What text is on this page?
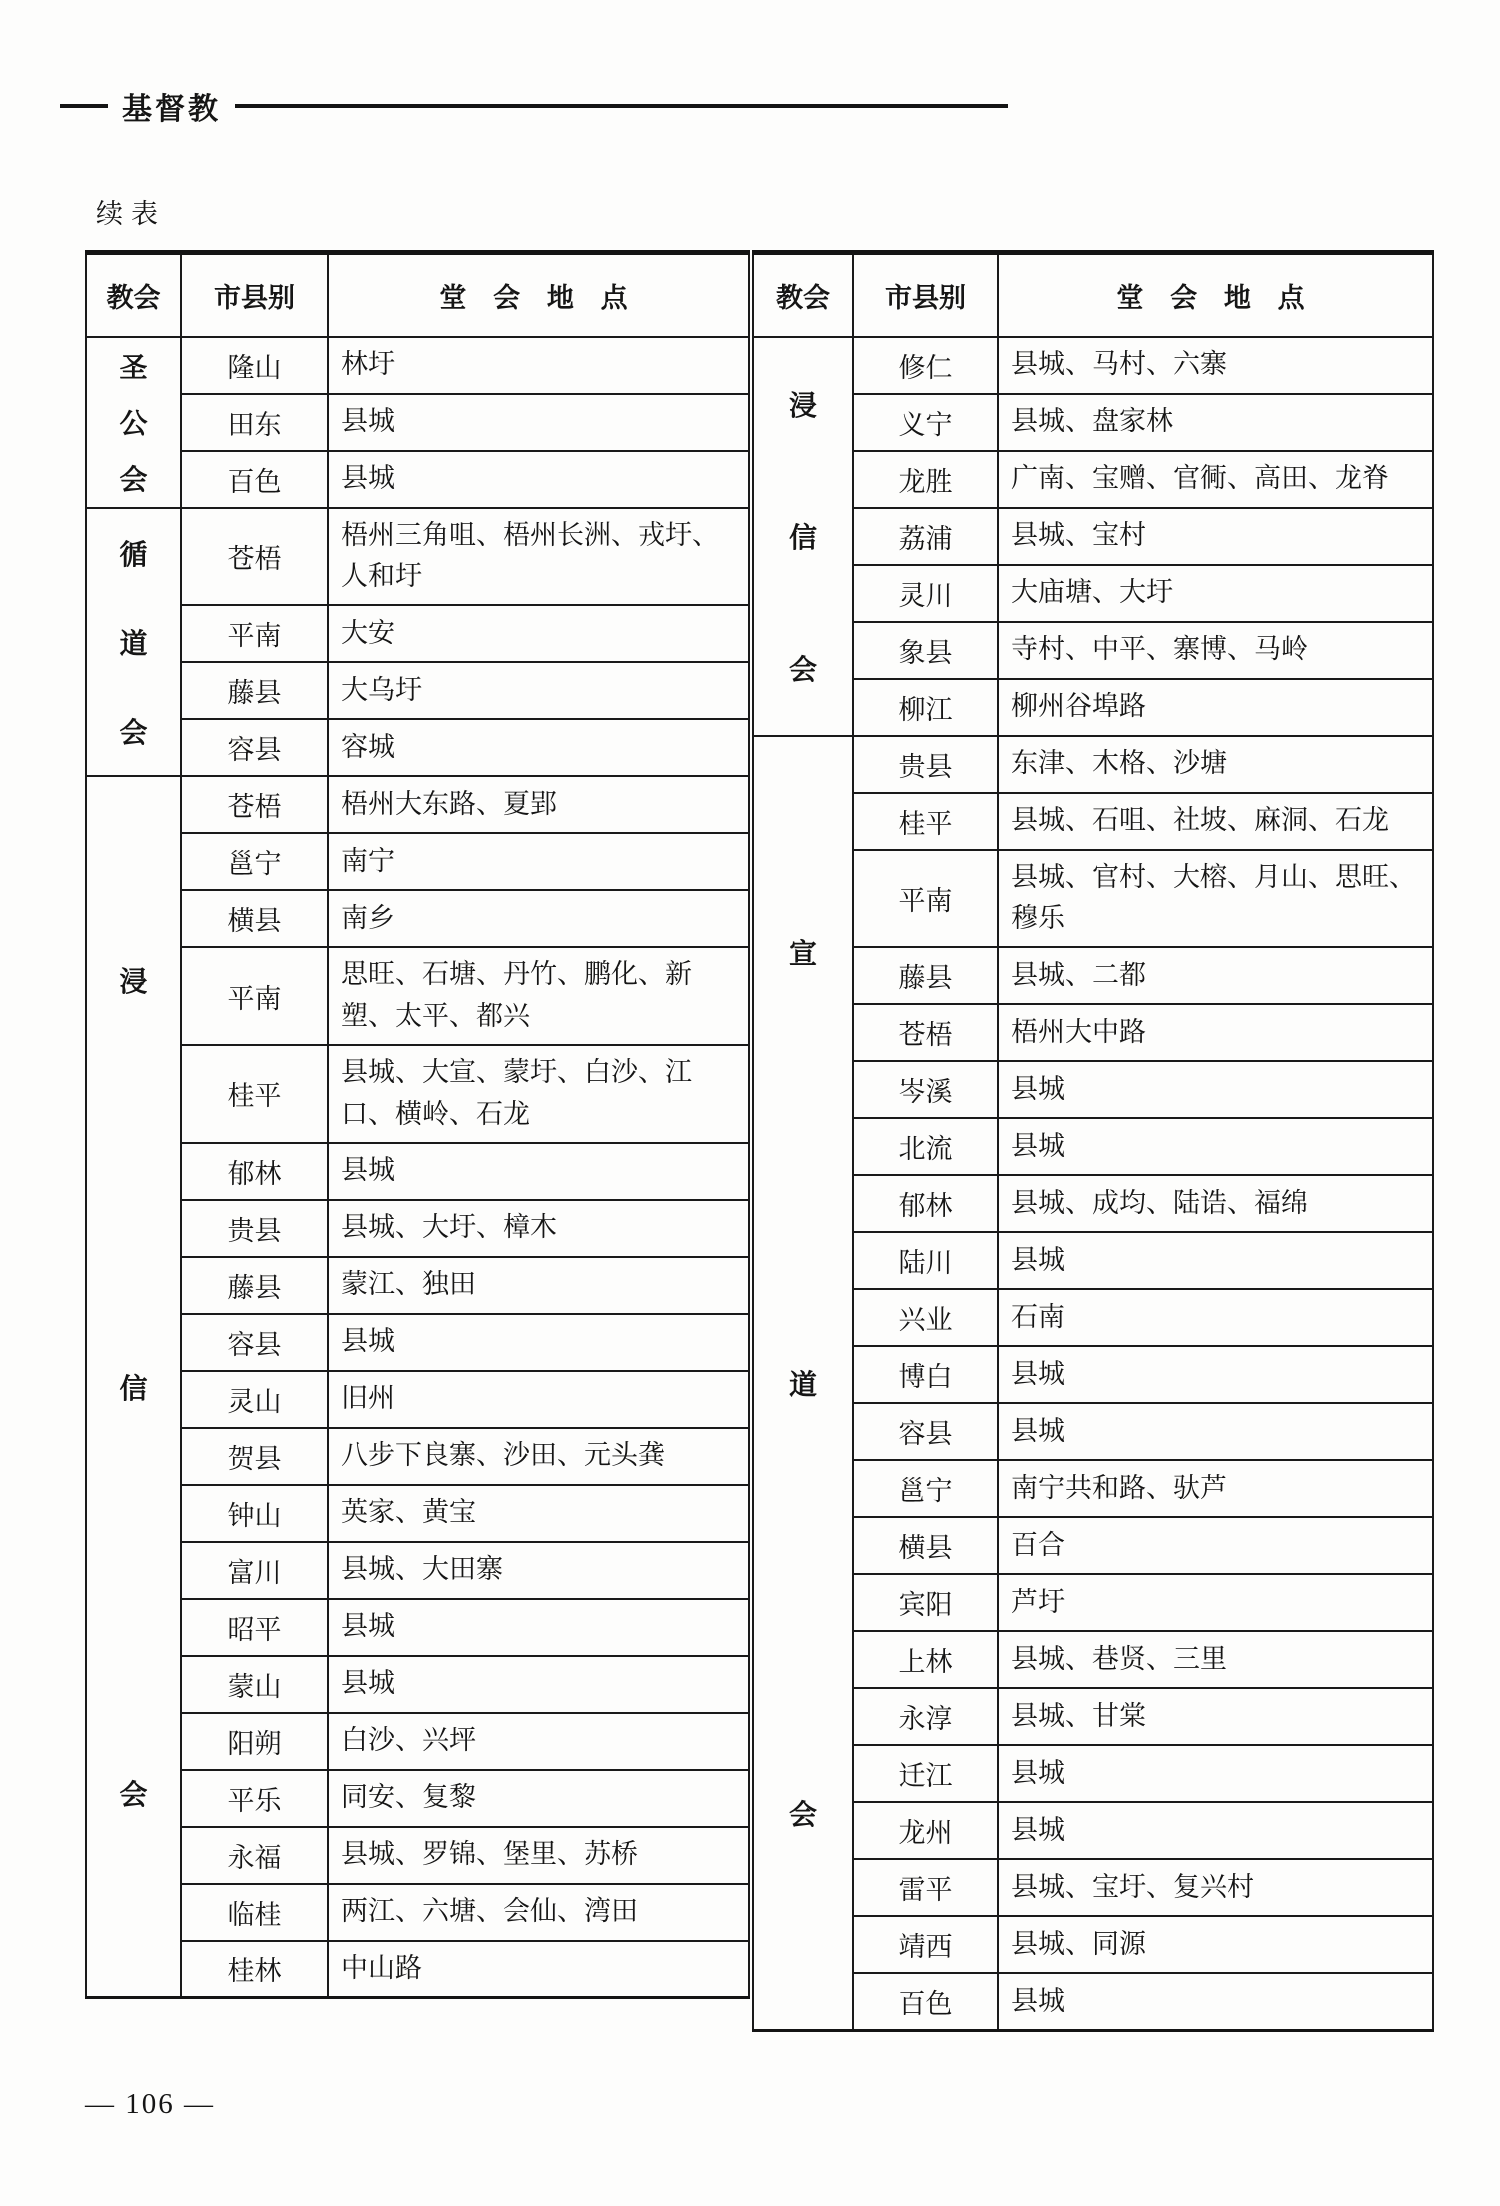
基督教
续表
教会	市县别	堂 会 地 点

圣
公
会	隆山	林圩
	田东	县城
	百色	县城

循
道
会	苍梧	梧州三角咀、梧州长洲、戎圩、人和圩
	平南	大安
	藤县	大乌圩
	容县	容城

浸
信
会	苍梧	梧州大东路、夏郢
	邕宁	南宁
	横县	南乡
	平南	思旺、石塘、丹竹、鹏化、新塑、太平、都兴
	桂平	县城、大宣、蒙圩、白沙、江口、横岭、石龙
	郁林	县城
	贵县	县城、大圩、樟木
	藤县	蒙江、独田
	容县	县城
	灵山	旧州
	贺县	八步下良寨、沙田、元头龚
	钟山	英家、黄宝
	富川	县城、大田寨
	昭平	县城
	蒙山	县城
	阳朔	白沙、兴坪
	平乐	同安、复黎
	永福	县城、罗锦、堡里、苏桥
	临桂	两江、六塘、会仙、湾田
	桂林	中山路
教会	市县别	堂 会 地 点

浸
信
会	修仁	县城、马村、六寨
	义宁	县城、盘家林
	龙胜	广南、宝赠、官衕、高田、龙脊
	荔浦	县城、宝村
	灵川	大庙塘、大圩
	象县	寺村、中平、寨博、马岭
	柳江	柳州谷埠路

宣
道
会	贵县	东津、木格、沙塘
	桂平	县城、石咀、社坡、麻洞、石龙
	平南	县城、官村、大榕、月山、思旺、穆乐
	藤县	县城、二都
	苍梧	梧州大中路
	岑溪	县城
	北流	县城
	郁林	县城、成均、陆诰、福绵
	陆川	县城
	兴业	石南
	博白	县城
	容县	县城
	邕宁	南宁共和路、驮芦
	横县	百合
	宾阳	芦圩
	上林	县城、巷贤、三里
	永淳	县城、甘棠
	迁江	县城
	龙州	县城
	雷平	县城、宝圩、复兴村
	靖西	县城、同源
	百色	县城
— 106 —
